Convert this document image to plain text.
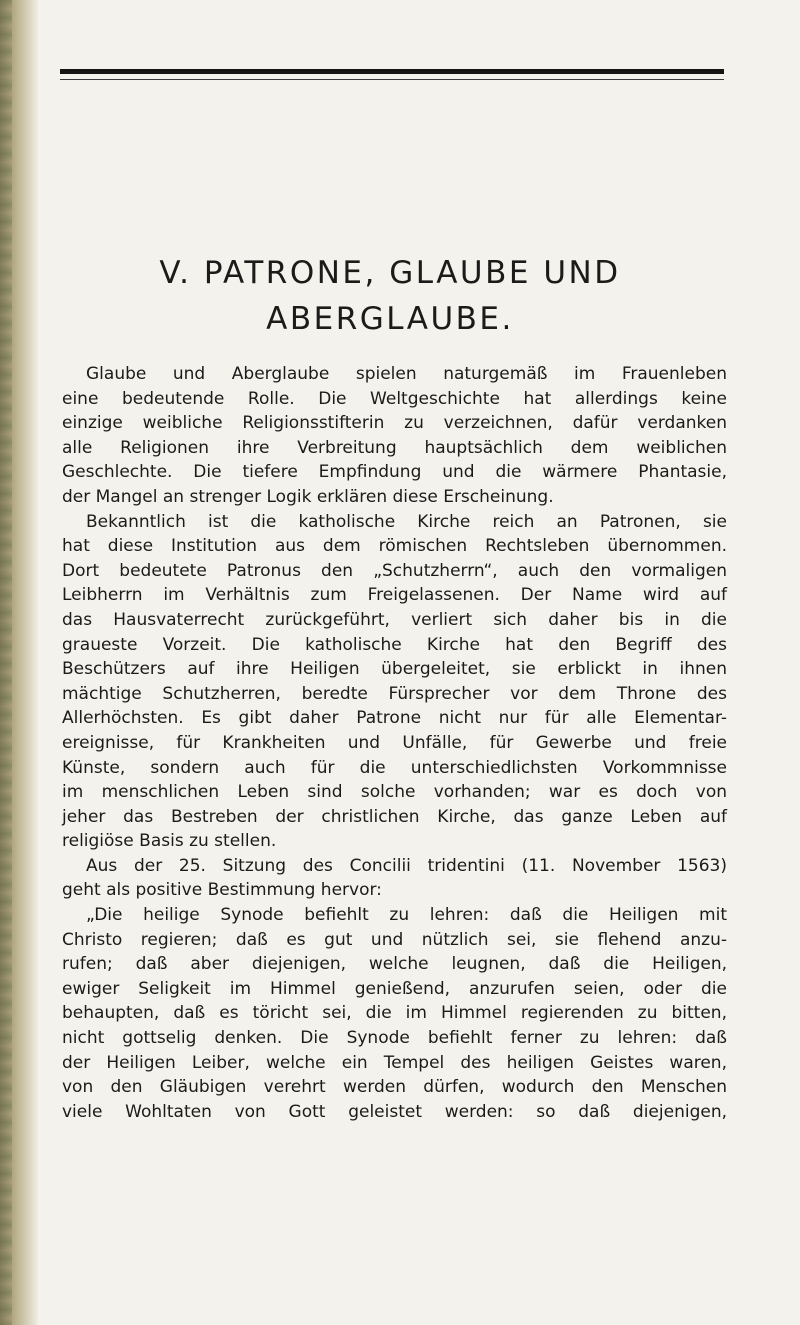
V. PATRONE, GLAUBE UND
ABERGLAUBE.
Glaube und Aberglaube spielen naturgemäß im Frauenleben
eine bedeutende Rolle. Die Weltgeschichte hat allerdings keine
einzige weibliche Religionsstifterin zu verzeichnen, dafür verdanken
alle Religionen ihre Verbreitung hauptsächlich dem weiblichen
Geschlechte. Die tiefere Empfindung und die wärmere Phantasie,
der Mangel an strenger Logik erklären diese Erscheinung.
Bekanntlich ist die katholische Kirche reich an Patronen, sie
hat diese Institution aus dem römischen Rechtsleben übernommen.
Dort bedeutete Patronus den „Schutzherrn“, auch den vormaligen
Leibherrn im Verhältnis zum Freigelassenen. Der Name wird auf
das Hausvaterrecht zurückgeführt, verliert sich daher bis in die
graueste Vorzeit. Die katholische Kirche hat den Begriff des
Beschützers auf ihre Heiligen übergeleitet, sie erblickt in ihnen
mächtige Schutzherren, beredte Fürsprecher vor dem Throne des
Allerhöchsten. Es gibt daher Patrone nicht nur für alle Elementar-
ereignisse, für Krankheiten und Unfälle, für Gewerbe und freie
Künste, sondern auch für die unterschiedlichsten Vorkommnisse
im menschlichen Leben sind solche vorhanden; war es doch von
jeher das Bestreben der christlichen Kirche, das ganze Leben auf
religiöse Basis zu stellen.
Aus der 25. Sitzung des Concilii tridentini (11. November 1563)
geht als positive Bestimmung hervor:
„Die heilige Synode befiehlt zu lehren: daß die Heiligen mit
Christo regieren; daß es gut und nützlich sei, sie flehend anzu-
rufen; daß aber diejenigen, welche leugnen, daß die Heiligen,
ewiger Seligkeit im Himmel genießend, anzurufen seien, oder die
behaupten, daß es töricht sei, die im Himmel regierenden zu bitten,
nicht gottselig denken. Die Synode befiehlt ferner zu lehren: daß
der Heiligen Leiber, welche ein Tempel des heiligen Geistes waren,
von den Gläubigen verehrt werden dürfen, wodurch den Menschen
viele Wohltaten von Gott geleistet werden: so daß diejenigen,
